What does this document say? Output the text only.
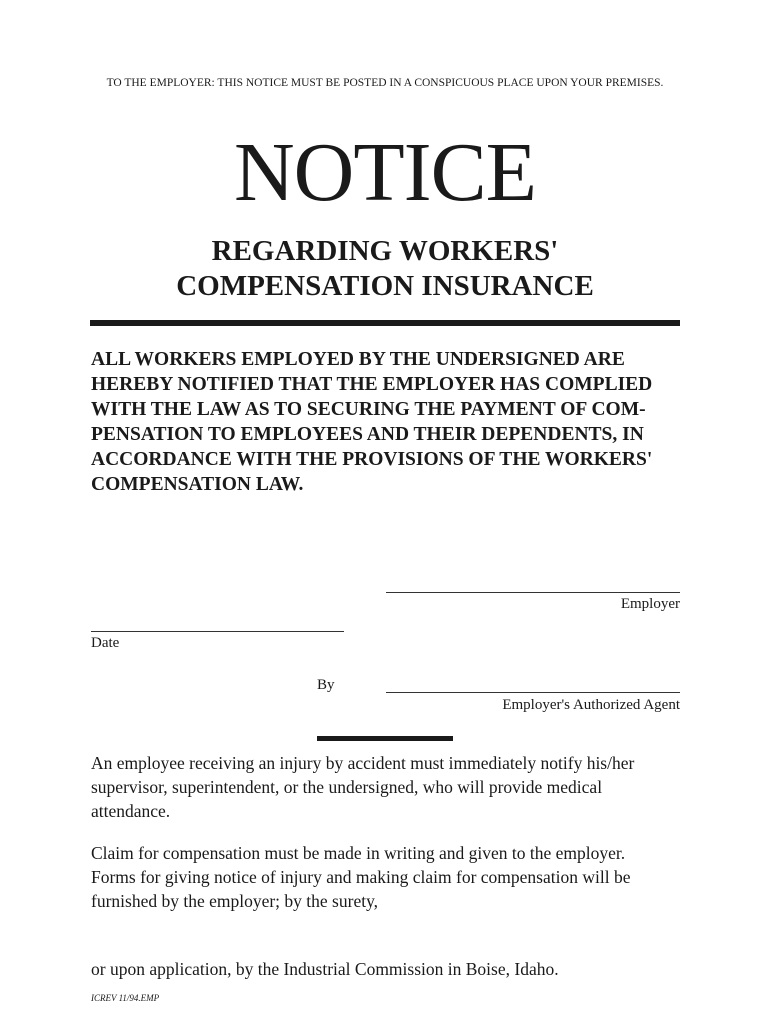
TO THE EMPLOYER: THIS NOTICE MUST BE POSTED IN A CONSPICUOUS PLACE UPON YOUR PREMISES.
NOTICE
REGARDING WORKERS'
COMPENSATION INSURANCE
ALL WORKERS EMPLOYED BY THE UNDERSIGNED ARE
HEREBY NOTIFIED THAT THE EMPLOYER HAS COMPLIED
WITH THE LAW AS TO SECURING THE PAYMENT OF COM-
PENSATION TO EMPLOYEES AND THEIR DEPENDENTS, IN
ACCORDANCE WITH THE PROVISIONS OF THE WORKERS'
COMPENSATION LAW.
Employer
Date
By
Employer's Authorized Agent
An employee receiving an injury by accident must immediately notify his/her
supervisor, superintendent, or the undersigned, who will provide medical
attendance.
Claim for compensation must be made in writing and given to the employer.
Forms for giving notice of injury and making claim for compensation will be
furnished by the employer; by the surety,
or upon application, by the Industrial Commission in Boise, Idaho.
ICREV 11/94.EMP
